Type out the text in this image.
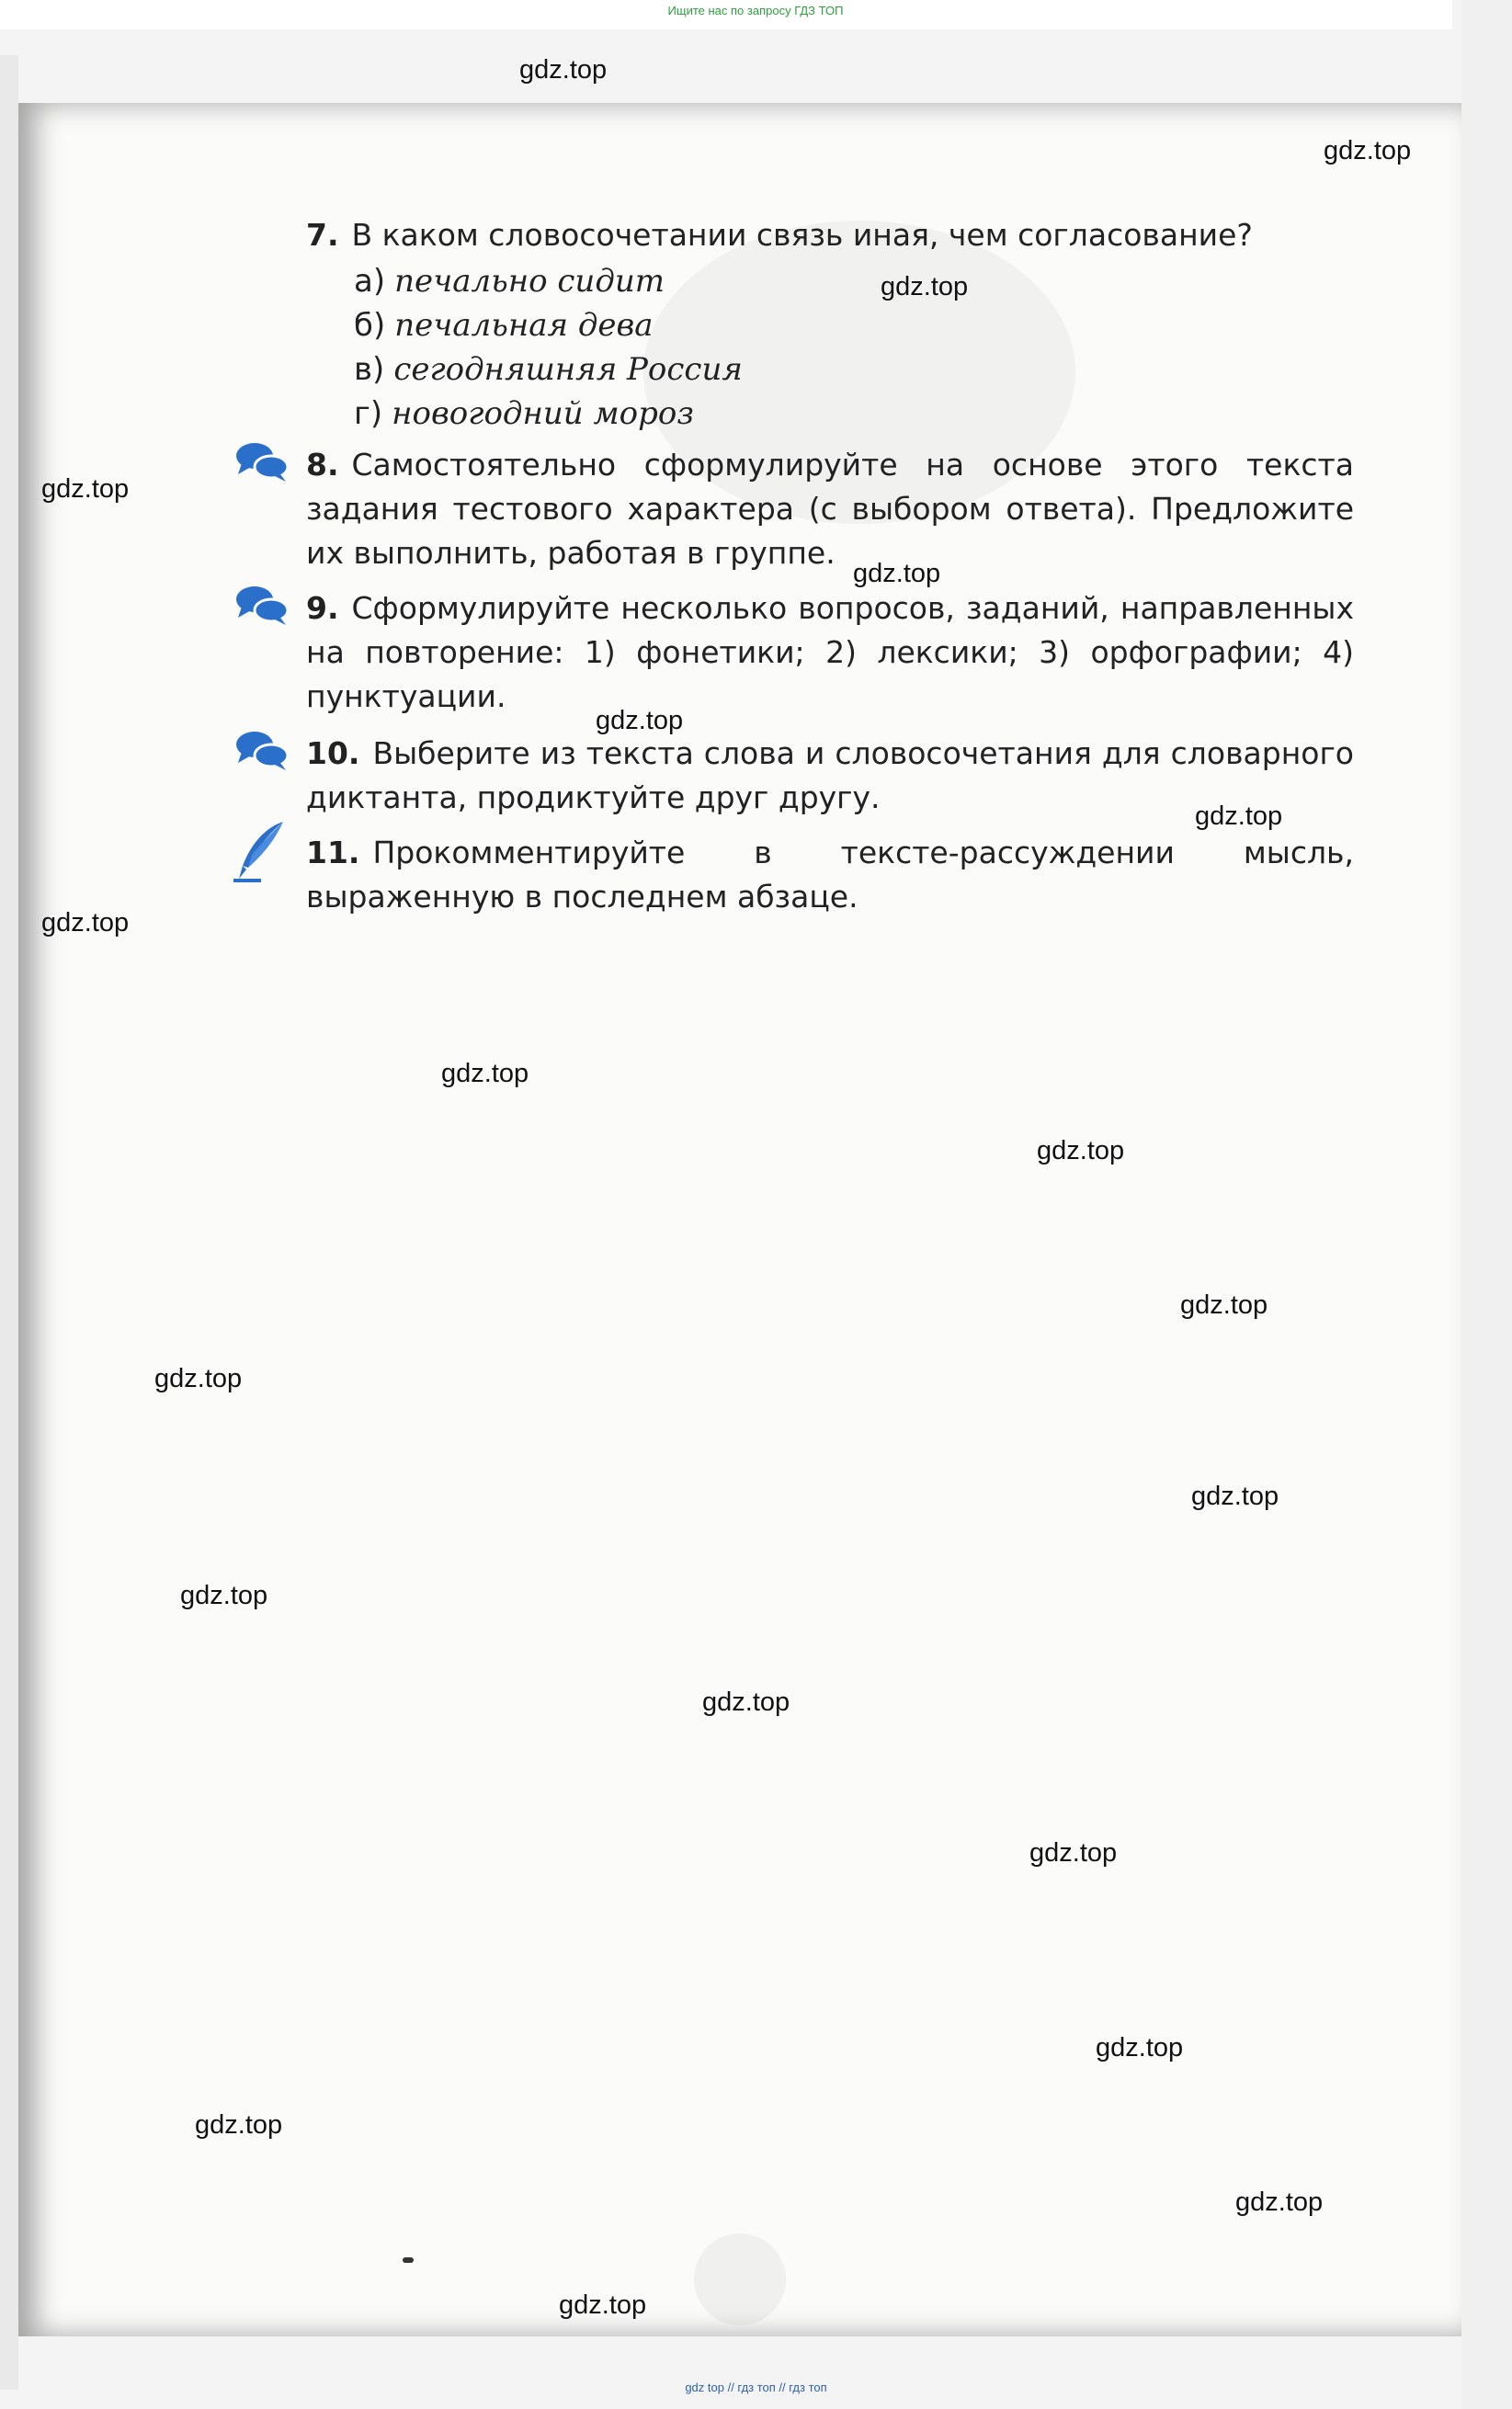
Ищите нас по запросу ГДЗ ТОП
7. В каком словосочетании связь иная, чем согласование?
а) печально сидит
б) печальная дева
в) сегодняшняя Россия
г) новогодний мороз
8. Самостоятельно сформулируйте на основе этого текста задания тестового характера (с выбором ответа). Предложите их выполнить, работая в группе.
9. Сформулируйте несколько вопросов, заданий, направленных на повторение: 1) фонетики; 2) лексики; 3) орфографии; 4) пунктуации.
10. Выберите из текста слова и словосочетания для словарного диктанта, продиктуйте друг другу.
11. Прокомментируйте в тексте-рассуждении мысль, выраженную в последнем абзаце.
gdz.top
gdz.top
gdz.top
gdz.top
gdz.top
gdz.top
gdz.top
gdz.top
gdz.top
gdz.top
gdz.top
gdz.top
gdz.top
gdz.top
gdz.top
gdz.top
gdz.top
gdz.top
gdz.top
gdz.top
gdz top // гдз топ // гдз топ
